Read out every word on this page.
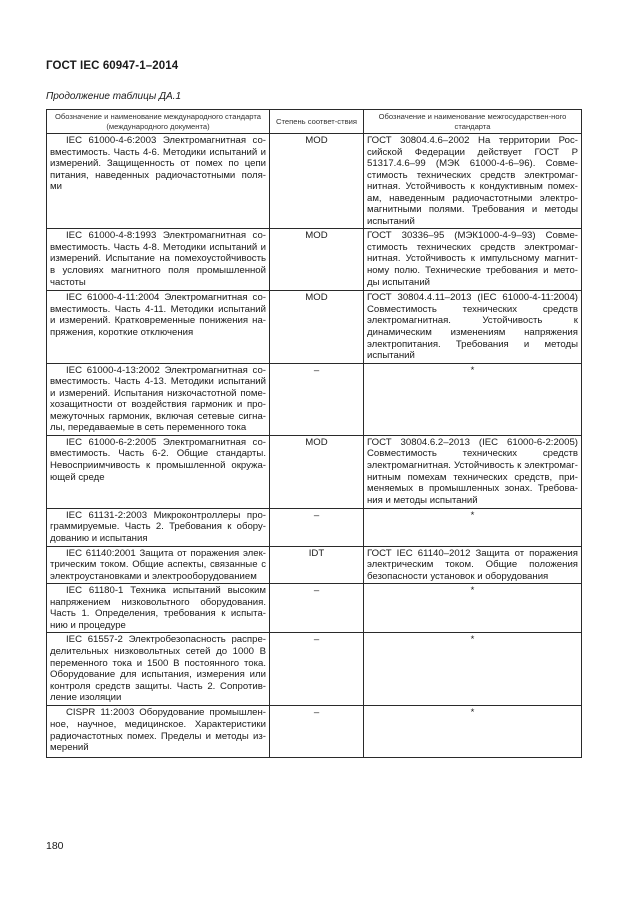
ГОСТ IEC 60947-1–2014
Продолжение таблицы ДА.1
Обозначение и наименование международного стандарта (международного документа)	Степень соответ-ствия	Обозначение и наименование межгосударствен-ного стандарта
IEC 61000-4-6:2003 Электромагнитная со-вместимость. Часть 4-6. Методики испытаний и измерений. Защищенность от помех по цепи питания, наведенных радиочастотными поля-ми	MOD	ГОСТ 30804.4.6–2002 На территории Рос-сийской Федерации действует ГОСТ Р 51317.4.6–99 (МЭК 61000-4-6–96). Совме-стимость технических средств электромаг-нитная. Устойчивость к кондуктивным помех-ам, наведенным радиочастотными электро-магнитными полями. Требования и методы испытаний
IEC 61000-4-8:1993 Электромагнитная со-вместимость. Часть 4-8. Методики испытаний и измерений. Испытание на помехоустойчивость в условиях магнитного поля промышленной частоты	MOD	ГОСТ 30336–95 (МЭК1000-4-9–93) Совме-стимость технических средств электромаг-нитная. Устойчивость к импульсному магнит-ному полю. Технические требования и мето-ды испытаний
IEC 61000-4-11:2004 Электромагнитная со-вместимость. Часть 4-11. Методики испытаний и измерений. Кратковременные понижения на-пряжения, короткие отключения	MOD	ГОСТ 30804.4.11–2013 (IEC 61000-4-11:2004) Совместимость технических средств электромагнитная. Устойчивость к динамическим изменениям напряжения электропитания. Требования и методы испытаний
IEC 61000-4-13:2002 Электромагнитная со-вместимость. Часть 4-13. Методики испытаний и измерений. Испытания низкочастотной поме-хозащитности от воздействия гармоник и про-межуточных гармоник, включая сетевые сигна-лы, передаваемые в сеть переменного тока	–	*
IEC 61000-6-2:2005 Электромагнитная со-вместимость. Часть 6-2. Общие стандарты. Невосприимчивость к промышленной окружа-ющей среде	MOD	ГОСТ 30804.6.2–2013 (IEC 61000-6-2:2005) Совместимость технических средств электромагнитная. Устойчивость к электромаг-нитным помехам технических средств, при-меняемых в промышленных зонах. Требова-ния и методы испытаний
IEC 61131-2:2003 Микроконтроллеры про-граммируемые. Часть 2. Требования к обору-дованию и испытания	–	*
IEC 61140:2001 Защита от поражения элек-трическим током. Общие аспекты, связанные с электроустановками и электрооборудованием	IDT	ГОСТ IEC 61140–2012 Защита от поражения электрическим током. Общие положения безопасности установок и оборудования
IEC 61180-1 Техника испытаний высоким напряжением низковольтного оборудования. Часть 1. Определения, требования к испыта-нию и процедуре	–	*
IEC 61557-2 Электробезопасность распре-делительных низковольтных сетей до 1000 В переменного тока и 1500 В постоянного тока. Оборудование для испытания, измерения или контроля средств защиты. Часть 2. Сопротив-ление изоляции	–	*
CISPR 11:2003 Оборудование промышлен-ное, научное, медицинское. Характеристики радиочастотных помех. Пределы и методы из-мерений	–	*
180
